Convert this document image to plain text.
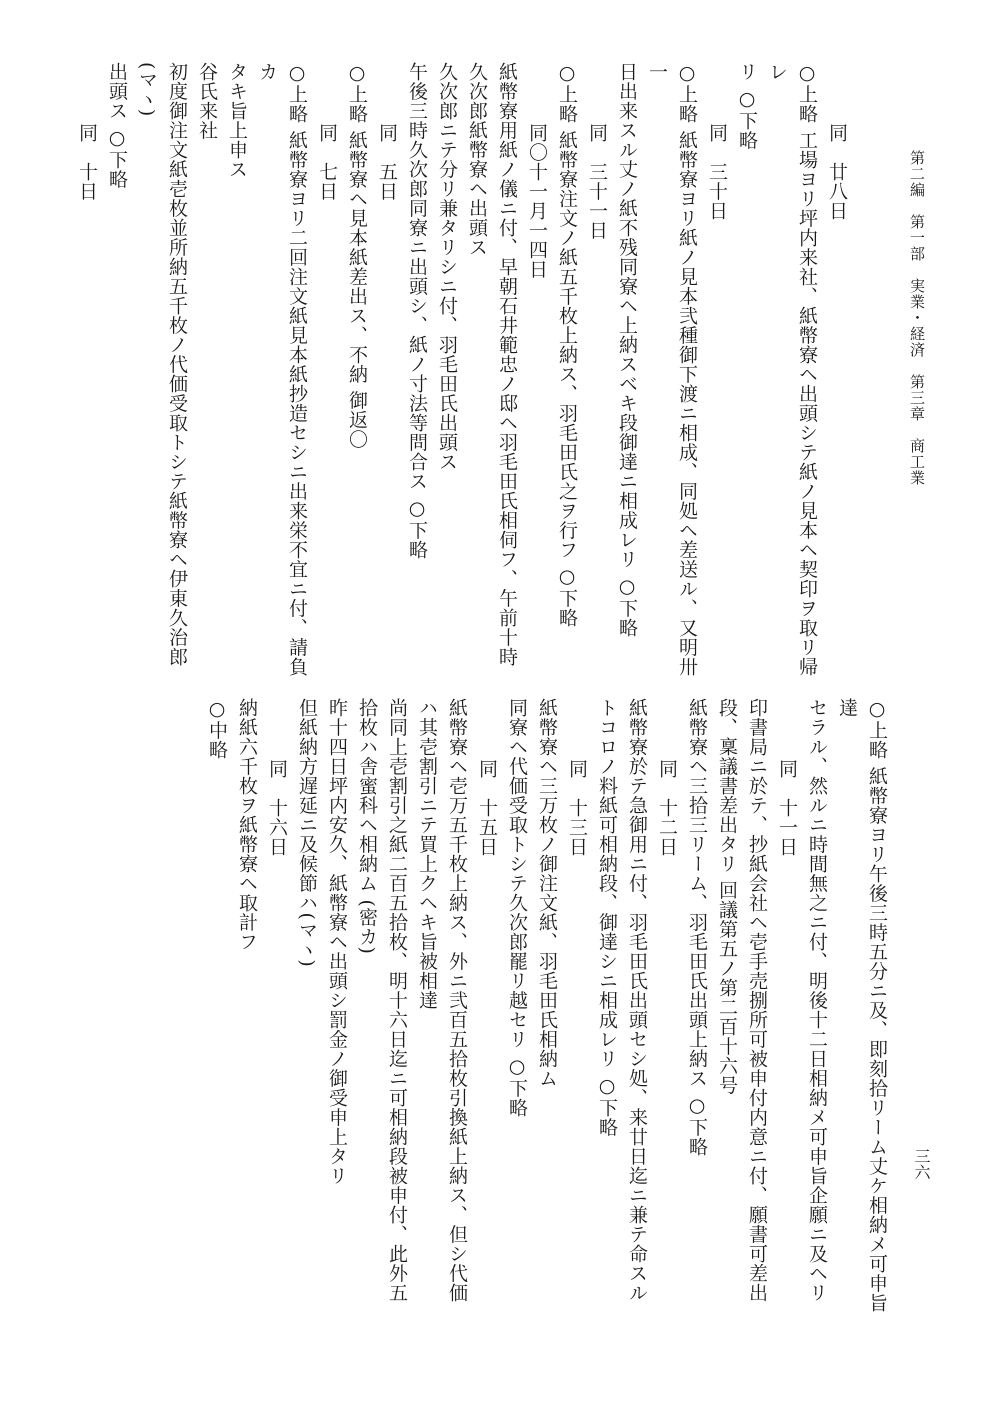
第二編　第一部　実業・経済　第三章　商工業
三六
同　廿八日
○上略 工場ヨリ坪内来社、紙幣寮ヘ出頭シテ紙ノ見本ヘ契印ヲ取リ帰レ
リ ○下略
同　三十日
○上略 紙幣寮ヨリ紙ノ見本弐種御下渡ニ相成、同処ヘ差送ル、又明卅一
日出来スル丈ノ紙不残同寮ヘ上納スベキ段御達ニ相成レリ ○下略
同　三十一日
○上略 紙幣寮注文ノ紙五千枚上納ス、羽毛田氏之ヲ行フ ○下略
同〇十一月一四日
紙幣寮用紙ノ儀ニ付、早朝石井範忠ノ邸ヘ羽毛田氏相伺フ、午前十時
久次郎紙幣寮ヘ出頭ス
久次郎ニテ分リ兼タリシニ付、羽毛田氏出頭ス
午後三時久次郎同寮ニ出頭シ、紙ノ寸法等問合ス ○下略
同　五日
○上略 紙幣寮ヘ見本紙差出ス、不納 御返〇
同　七日
○上略 紙幣寮ヨリ二回注文紙見本紙抄造セシニ出来栄不宜ニ付、請負カ
タキ旨上申ス
谷氏来社
初度御注文紙壱枚並所納五千枚ノ代価受取トシテ紙幣寮ヘ伊東久治郎(マヽ)
出頭ス ○下略
同　十日
○上略 紙幣寮ヨリ午後三時五分ニ及、即刻拾リーム丈ケ相納メ可申旨達
セラル、然ルニ時間無之ニ付、明後十二日相納メ可申旨企願ニ及ヘリ
同　十一日
印書局ニ於テ、抄紙会社ヘ壱手売捌所可被申付内意ニ付、願書可差出
段、稟議書差出タリ 回議第五ノ第二百十六号
紙幣寮ヘ三拾三リーム、羽毛田氏出頭上納ス ○下略
同　十二日
紙幣寮於テ急御用ニ付、羽毛田氏出頭セシ処、来廿日迄ニ兼テ命スル
トコロノ料紙可相納段、御達シニ相成レリ ○下略
同　十三日
紙幣寮ヘ三万枚ノ御注文紙、羽毛田氏相納ム
同寮ヘ代価受取トシテ久次郎罷リ越セリ ○下略
同　十五日
紙幣寮ヘ壱万五千枚上納ス、外ニ弐百五拾枚引換紙上納ス、但シ代価
ハ其壱割引ニテ買上クヘキ旨被相達
尚同上壱割引之紙二百五拾枚、明十六日迄ニ可相納段被申付、此外五
拾枚ハ舎蜜科ヘ相納ム (密カ)
昨十四日坪内安久、紙幣寮ヘ出頭シ罰金ノ御受申上タリ
但紙納方遅延ニ及候節ハ(マヽ)
同　十六日
納紙六千枚ヲ紙幣寮ヘ取計フ
○中略
